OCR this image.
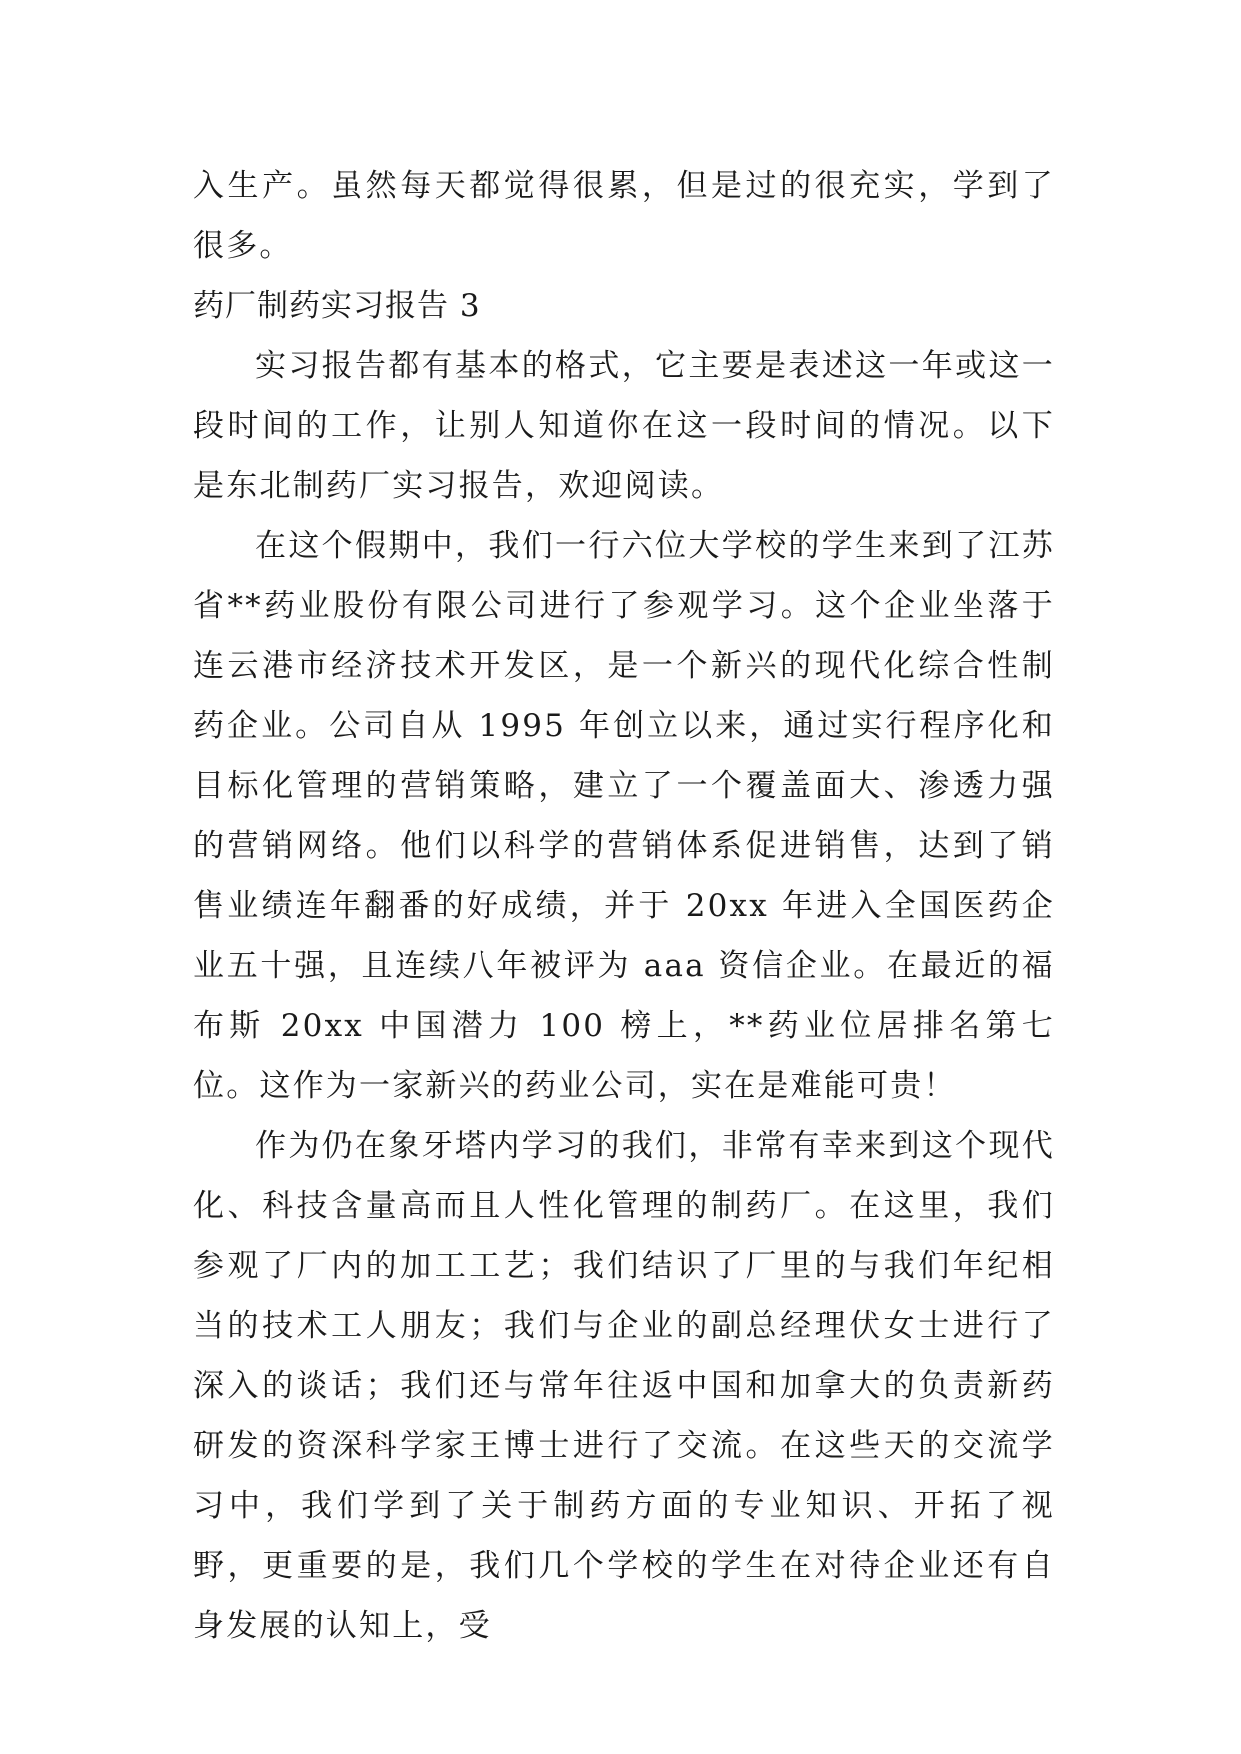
入生产。虽然每天都觉得很累，但是过的很充实，学到了很多。

药厂制药实习报告 3

实习报告都有基本的格式，它主要是表述这一年或这一段时间的工作，让别人知道你在这一段时间的情况。以下是东北制药厂实习报告，欢迎阅读。

在这个假期中，我们一行六位大学校的学生来到了江苏省**药业股份有限公司进行了参观学习。这个企业坐落于连云港市经济技术开发区，是一个新兴的现代化综合性制药企业。公司自从 1995 年创立以来，通过实行程序化和目标化管理的营销策略，建立了一个覆盖面大、渗透力强的营销网络。他们以科学的营销体系促进销售，达到了销售业绩连年翻番的好成绩，并于 20xx 年进入全国医药企业五十强，且连续八年被评为 aaa 资信企业。在最近的福布斯 20xx 中国潜力 100 榜上，**药业位居排名第七位。这作为一家新兴的药业公司，实在是难能可贵！

作为仍在象牙塔内学习的我们，非常有幸来到这个现代化、科技含量高而且人性化管理的制药厂。在这里，我们参观了厂内的加工工艺；我们结识了厂里的与我们年纪相当的技术工人朋友；我们与企业的副总经理伏女士进行了深入的谈话；我们还与常年往返中国和加拿大的负责新药研发的资深科学家王博士进行了交流。在这些天的交流学习中，我们学到了关于制药方面的专业知识、开拓了视野，更重要的是，我们几个学校的学生在对待企业还有自身发展的认知上，受
